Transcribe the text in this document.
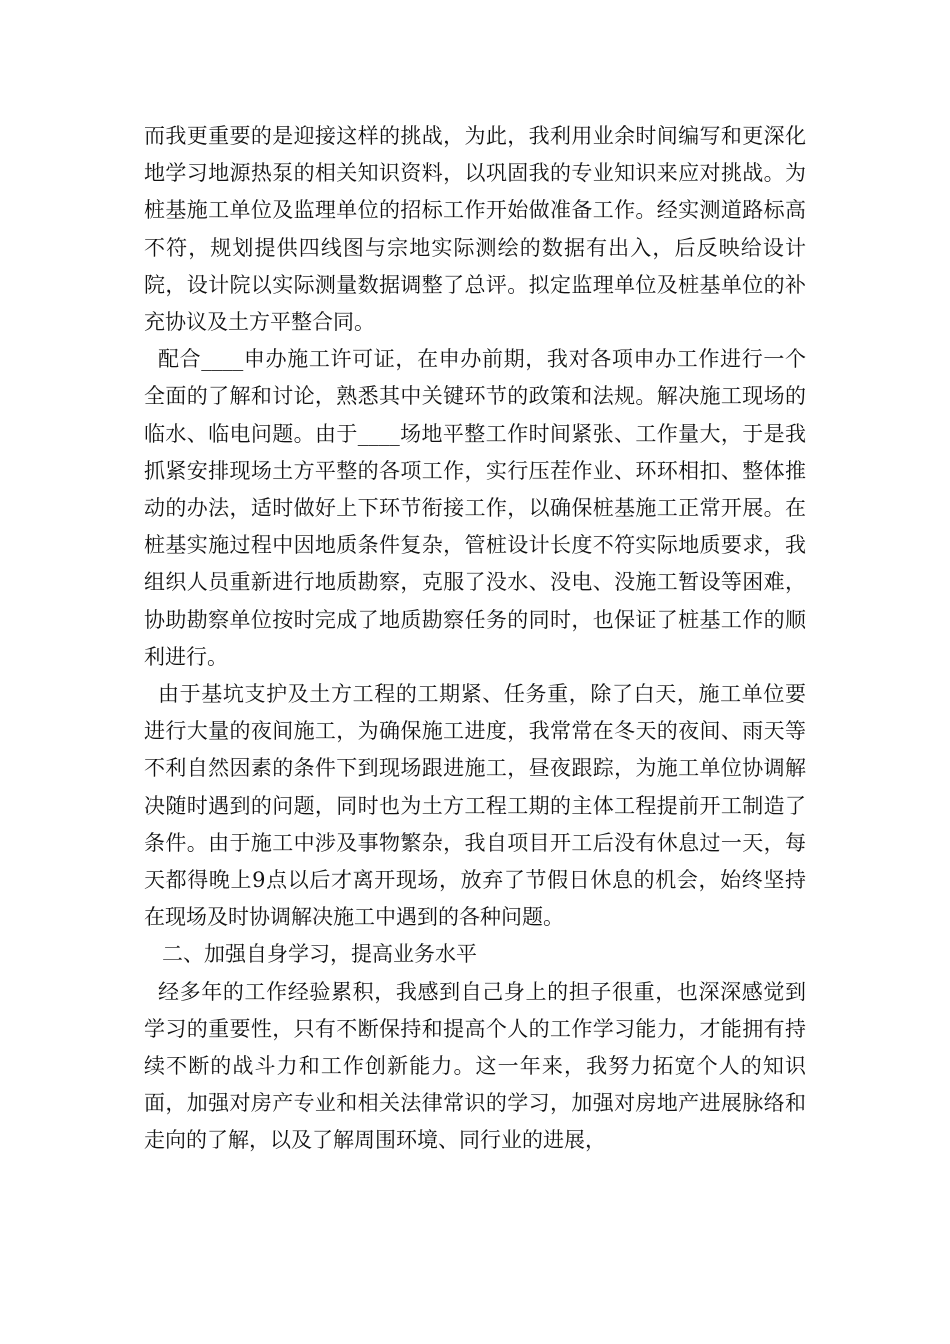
而我更重要的是迎接这样的挑战，为此，我利用业余时间编写和更深化地学习地源热泵的相关知识资料，以巩固我的专业知识来应对挑战。为桩基施工单位及监理单位的招标工作开始做准备工作。经实测道路标高不符，规划提供四线图与宗地实际测绘的数据有出入，后反映给设计院，设计院以实际测量数据调整了总评。拟定监理单位及桩基单位的补充协议及土方平整合同。

配合____申办施工许可证，在申办前期，我对各项申办工作进行一个全面的了解和讨论，熟悉其中关键环节的政策和法规。解决施工现场的临水、临电问题。由于____场地平整工作时间紧张、工作量大，于是我抓紧安排现场土方平整的各项工作，实行压茬作业、环环相扣、整体推动的办法，适时做好上下环节衔接工作，以确保桩基施工正常开展。在桩基实施过程中因地质条件复杂，管桩设计长度不符实际地质要求，我组织人员重新进行地质勘察，克服了没水、没电、没施工暂设等困难，协助勘察单位按时完成了地质勘察任务的同时，也保证了桩基工作的顺利进行。

由于基坑支护及土方工程的工期紧、任务重，除了白天，施工单位要进行大量的夜间施工，为确保施工进度，我常常在冬天的夜间、雨天等不利自然因素的条件下到现场跟进施工，昼夜跟踪，为施工单位协调解决随时遇到的问题，同时也为土方工程工期的主体工程提前开工制造了条件。由于施工中涉及事物繁杂，我自项目开工后没有休息过一天，每天都得晚上9点以后才离开现场，放弃了节假日休息的机会，始终坚持在现场及时协调解决施工中遇到的各种问题。

二、加强自身学习，提高业务水平

经多年的工作经验累积，我感到自己身上的担子很重，也深深感觉到学习的重要性，只有不断保持和提高个人的工作学习能力，才能拥有持续不断的战斗力和工作创新能力。这一年来，我努力拓宽个人的知识面，加强对房产专业和相关法律常识的学习，加强对房地产进展脉络和走向的了解，以及了解周围环境、同行业的进展，
